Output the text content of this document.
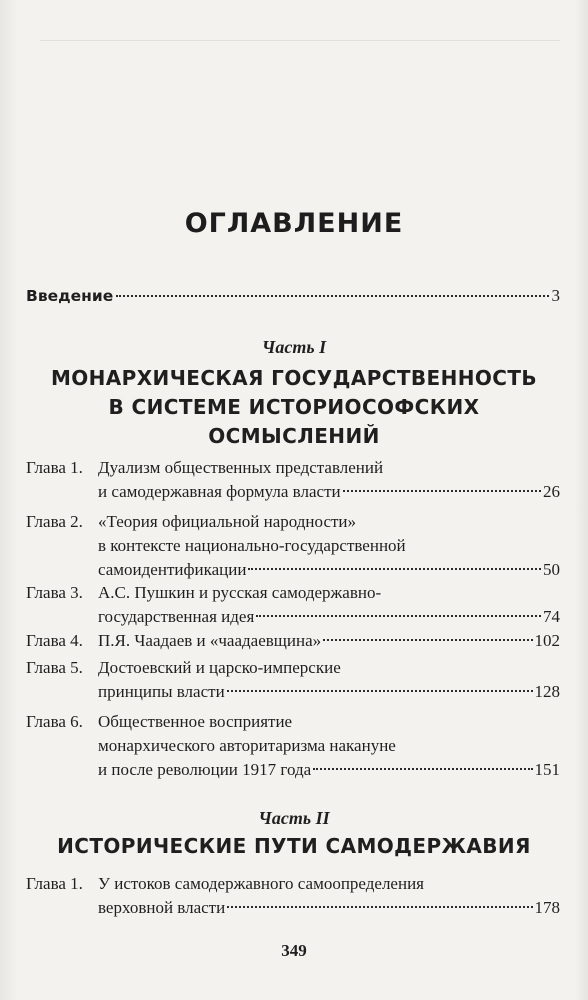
ОГЛАВЛЕНИЕ
Введение	3
Часть I
МОНАРХИЧЕСКАЯ ГОСУДАРСТВЕННОСТЬ
В СИСТЕМЕ ИСТОРИОСОФСКИХ
ОСМЫСЛЕНИЙ
Глава 1. Дуализм общественных представлений
и самодержавная формула власти	26
Глава 2. «Теория официальной народности»
в контексте национально-государственной
самоидентификации	50
Глава 3. А.С. Пушкин и русская самодержавно-
государственная идея	74
Глава 4. П.Я. Чаадаев и «чаадаевщина»	102
Глава 5. Достоевский и царско-имперские
принципы власти	128
Глава 6. Общественное восприятие
монархического авторитаризма накануне
и после революции 1917 года	151
Часть II
ИСТОРИЧЕСКИЕ ПУТИ САМОДЕРЖАВИЯ
Глава 1. У истоков самодержавного самоопределения
верховной власти	178
349
